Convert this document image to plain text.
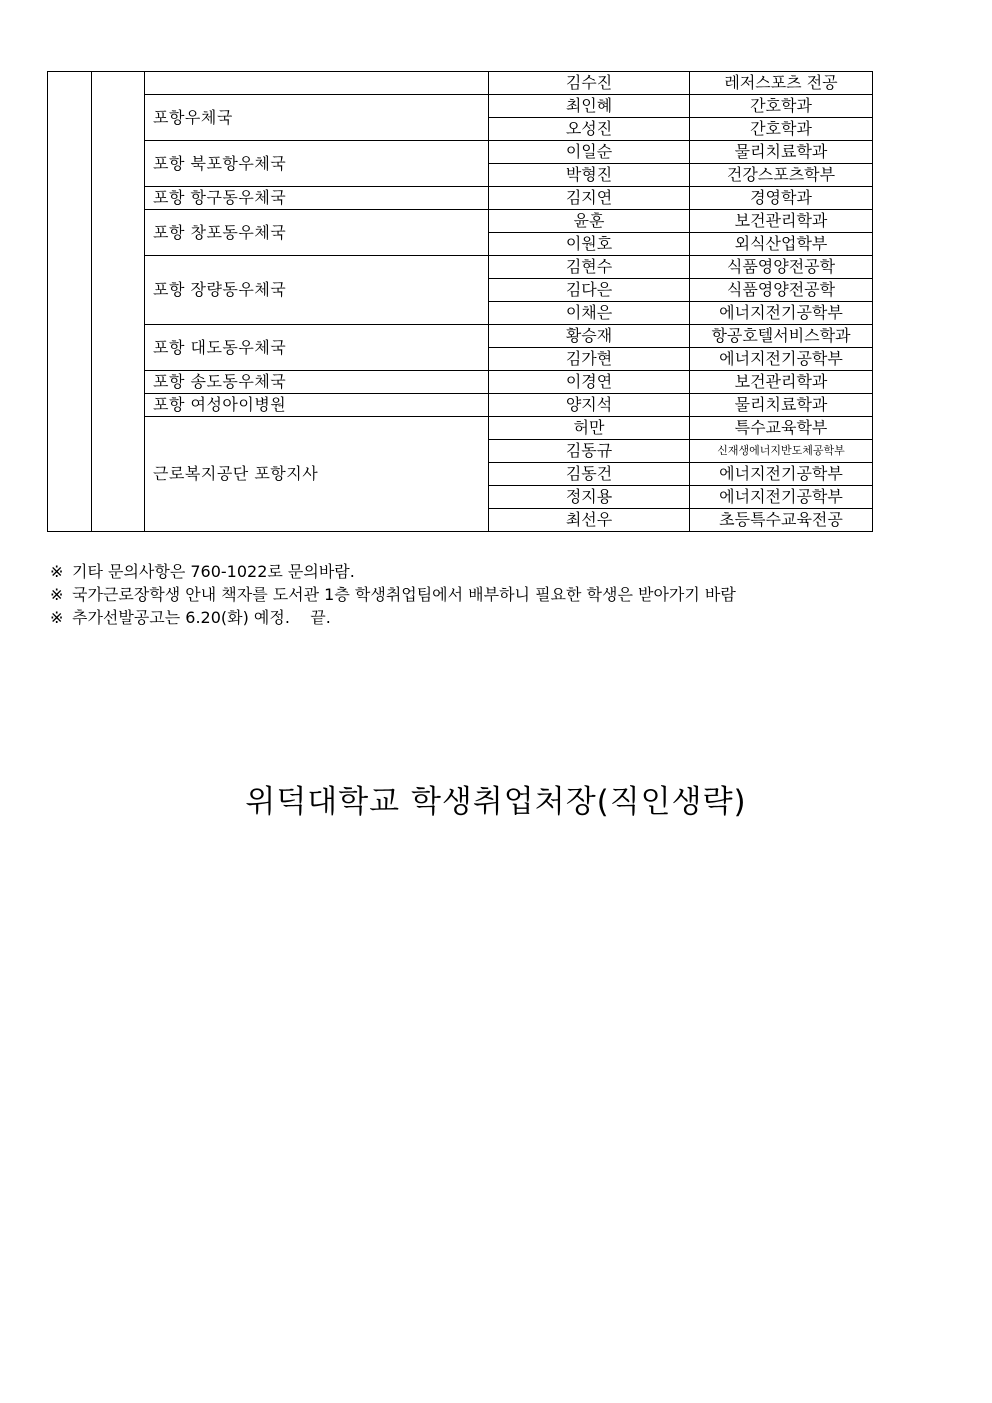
			김수진	레저스포츠 전공
		포항우체국	최인혜	간호학과
			오성진	간호학과
		포항 북포항우체국	이일순	물리치료학과
			박형진	건강스포츠학부
		포항 항구동우체국	김지연	경영학과
		포항 창포동우체국	윤훈	보건관리학과
			이원호	외식산업학부
		포항 장량동우체국	김현수	식품영양전공학
			김다은	식품영양전공학
			이채은	에너지전기공학부
		포항 대도동우체국	황승재	항공호텔서비스학과
			김가현	에너지전기공학부
		포항 송도동우체국	이경연	보건관리학과
		포항 여성아이병원	양지석	물리치료학과
		근로복지공단 포항지사	허만	특수교육학부
			김동규	신재생에너지반도체공학부
			김동건	에너지전기공학부
			정지용	에너지전기공학부
			최선우	초등특수교육전공
※ 기타 문의사항은 760-1022로 문의바람.
※ 국가근로장학생 안내 책자를 도서관 1층 학생취업팀에서 배부하니 필요한 학생은 받아가기 바람
※ 추가선발공고는 6.20(화) 예정.    끝.
위덕대학교 학생취업처장(직인생략)
